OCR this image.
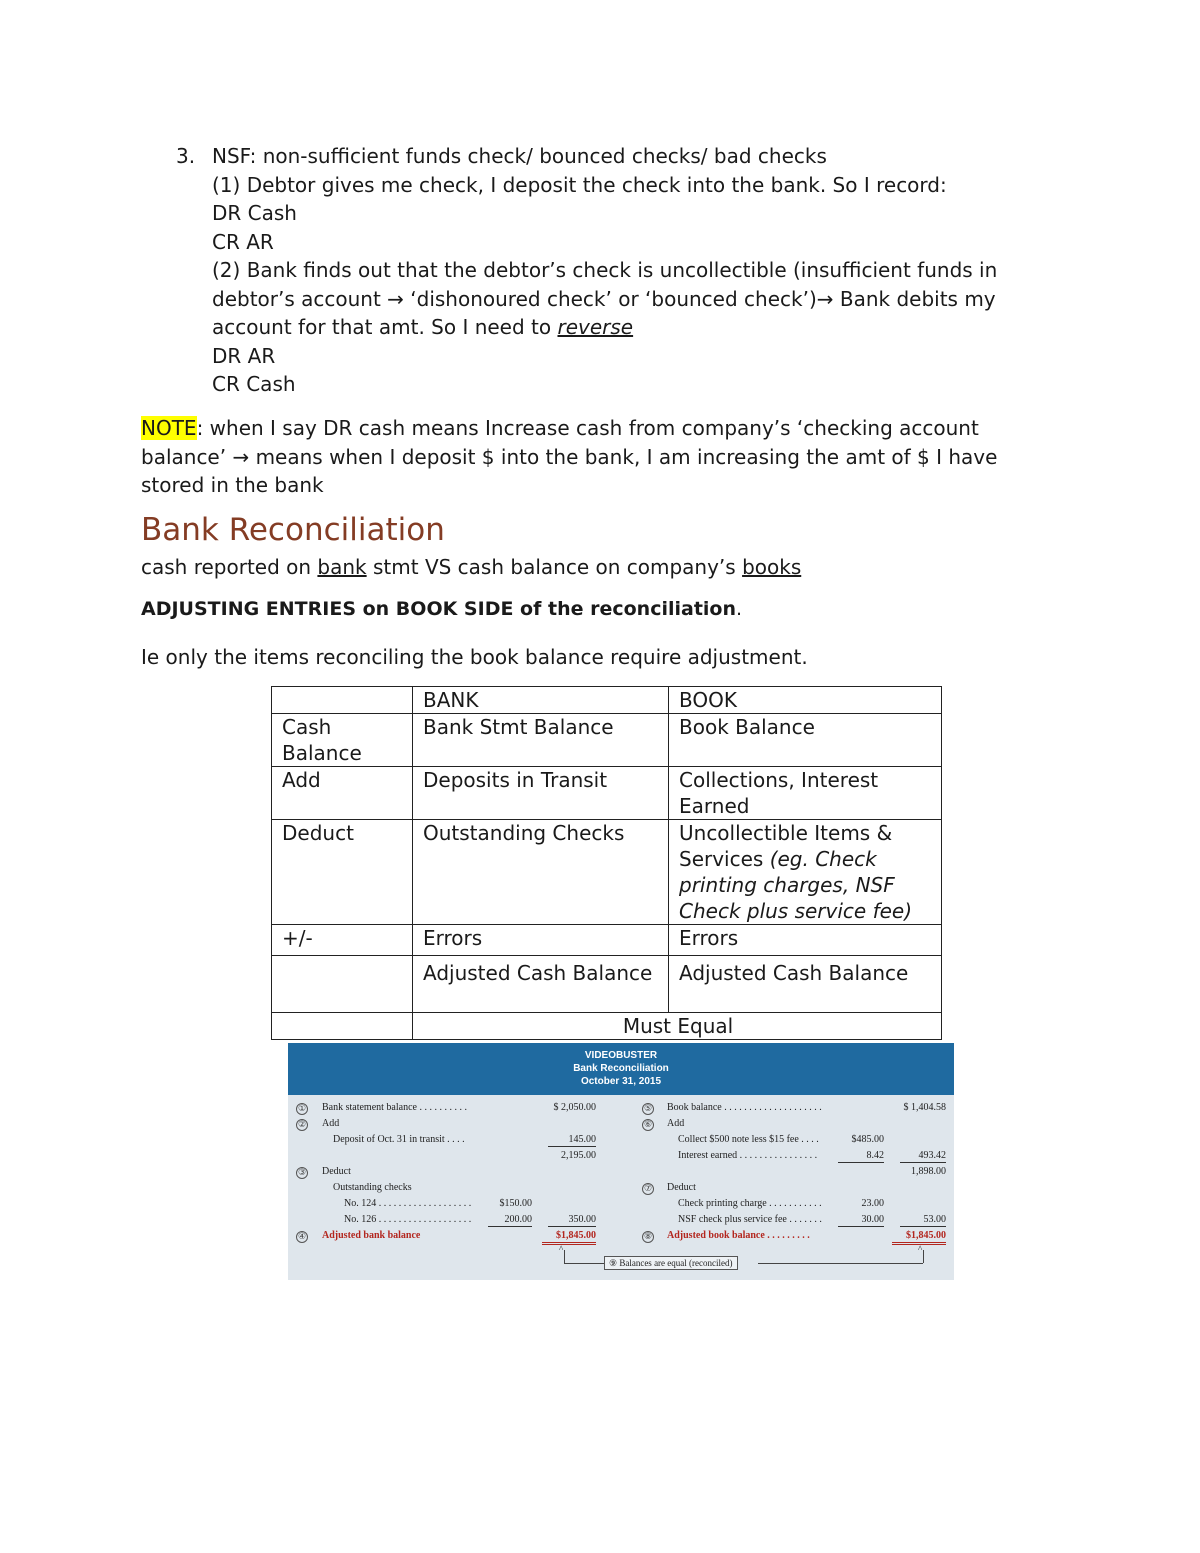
3. NSF: non-sufficient funds check/ bounced checks/ bad checks
(1) Debtor gives me check, I deposit the check into the bank. So I record:
DR Cash
CR AR
(2) Bank finds out that the debtor’s check is uncollectible (insufficient funds in
debtor’s account → ‘dishonoured check’ or ‘bounced check’)→ Bank debits my
account for that amt. So I need to reverse
DR AR
CR Cash
NOTE: when I say DR cash means Increase cash from company’s ‘checking account
balance’ → means when I deposit $ into the bank, I am increasing the amt of $ I have
stored in the bank
Bank Reconciliation
cash reported on bank stmt VS cash balance on company’s books
ADJUSTING ENTRIES on BOOK SIDE of the reconciliation.
Ie only the items reconciling the book balance require adjustment.
	BANK	BOOK
Cash Balance	Bank Stmt Balance	Book Balance
Add	Deposits in Transit	Collections, Interest Earned
Deduct	Outstanding Checks	Uncollectible Items & Services (eg. Check printing charges, NSF Check plus service fee)
+/-	Errors	Errors
	Adjusted Cash Balance	Adjusted Cash Balance
	Must Equal	
VIDEOBUSTER
Bank Reconciliation
October 31, 2015
①
②
③
④
⑤
⑥
⑦
⑧
Bank statement balance . . . . . . . . . .	$ 2,050.00
Add
Deposit of Oct. 31 in transit . . . .	145.00
2,195.00
Deduct
Outstanding checks
No. 124 . . . . . . . . . . . . . . . . . . .	$150.00
No. 126 . . . . . . . . . . . . . . . . . . .	200.00	350.00
Adjusted bank balance	$1,845.00
Book balance . . . . . . . . . . . . . . . . . . . .	$ 1,404.58
Add
Collect $500 note less $15 fee . . . .	$485.00
Interest earned . . . . . . . . . . . . . . . .	8.42	493.42
1,898.00
Deduct
Check printing charge . . . . . . . . . . .	23.00
NSF check plus service fee . . . . . . .	30.00	53.00
Adjusted book balance . . . . . . . . .	$1,845.00
^	^
⑨ Balances are equal (reconciled)
